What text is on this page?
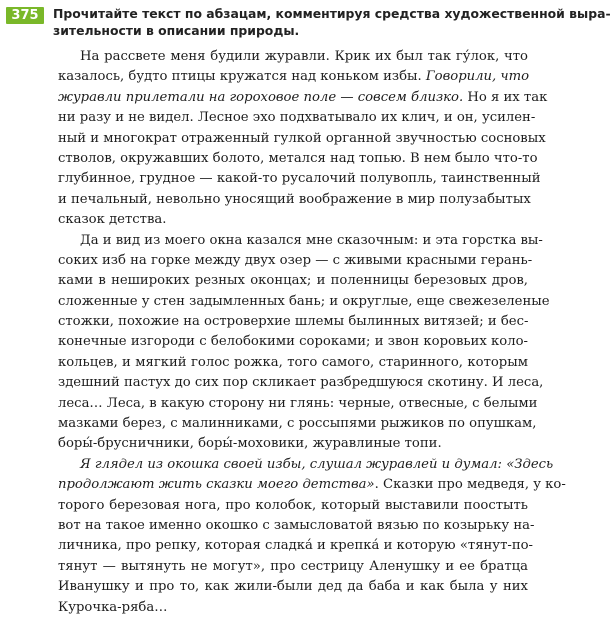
375	Прочитайте текст по абзацам, комментируя средства художественной выра-
зительности в описании природы.
На рассвете меня будили журавли. Крик их был так гу́лок, что
казалось, будто птицы кружатся над коньком избы. Говорили, что
журавли прилетали на гороховое поле — совсем близко. Но я их так
ни разу и не видел. Лесное эхо подхватывало их клич, и он, усилен-
ный и многократ отраженный гулкой органной звучностью сосновых
стволов, окружавших болото, метался над топью. В нем было что-то
глубинное, грудное — какой-то русалочий полувопль, таинственный
и печальный, невольно уносящий воображение в мир полузабытых
сказок детства.
Да и вид из моего окна казался мне сказочным: и эта горстка вы-
соких изб на горке между двух озер — с живыми красными герань-
ками в нешироких резных оконцах; и поленницы березовых дров,
сложенные у стен задымленных бань; и округлые, еще свежезеленые
стожки, похожие на островерхие шлемы былинных витязей; и бес-
конечные изгороди с белобокими сороками; и звон коровьих коло-
кольцев, и мягкий голос рожка, того самого, старинного, которым
здешний пастух до сих пор скликает разбредшуюся скотину. И леса,
леса… Леса, в какую сторону ни глянь: черные, отвесные, с белыми
мазками берез, с малинниками, с россыпями рыжиков по опушкам,
боры́-брусничники, боры́-моховики, журавлиные топи.
Я глядел из окошка своей избы, слушал журавлей и думал: «Здесь
продолжают жить сказки моего детства». Сказки про медведя, у ко-
торого березовая нога, про колобок, который выставили поостыть
вот на такое именно окошко с замысловатой вязью по козырьку на-
личника, про репку, которая сладка́ и крепка́ и которую «тянут-по-
тянут — вытянуть не могут», про сестрицу Аленушку и ее братца
Иванушку и про то, как жили-были дед да баба и как была у них
Курочка-ряба…
